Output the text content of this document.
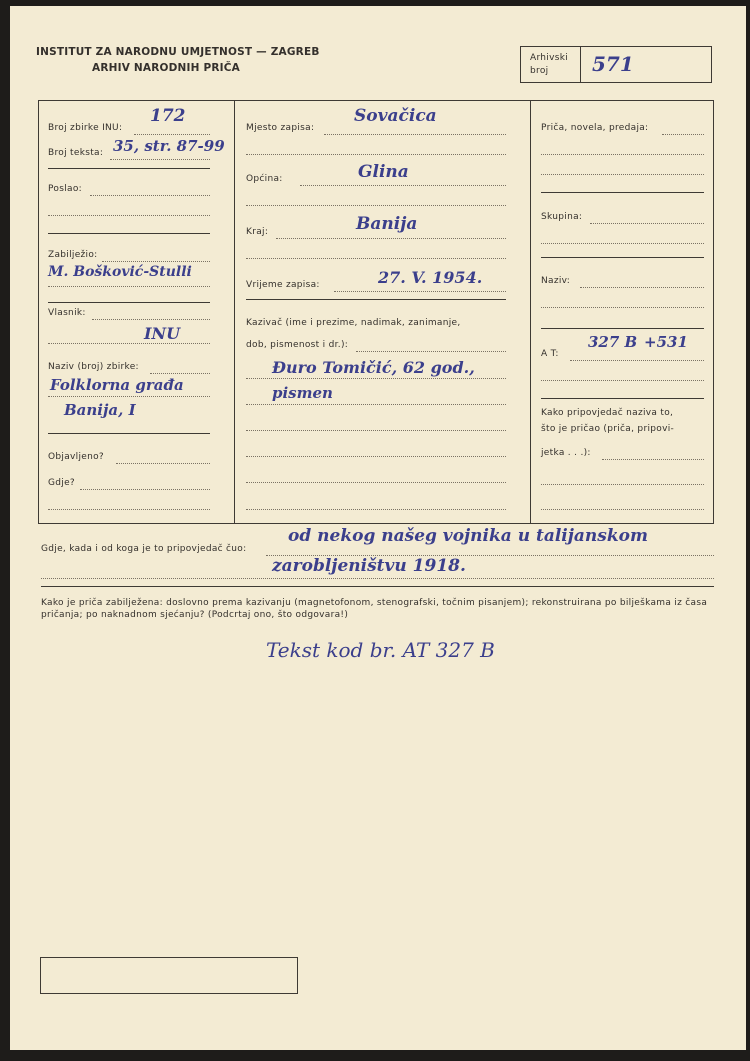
INSTITUT ZA NARODNU UMJETNOST — ZAGREB
ARHIV NARODNIH PRIČA
Arhivski
broj 571
Broj zbirke INU:
172
Broj teksta: 35, str. 87-99
Poslao:
Zabilježio:
M. Bošković-Stulli
Vlasnik:
INU
Naziv (broj) zbirke:
Folklorna građa
Banija, I
Objavljeno?
Gdje?
Mjesto zapisa:
Sovačica
Općina:	Glina
Kraj:	Banija
Vrijeme zapisa:	27. V. 1954.
Kazivač (ime i prezime, nadimak, zanimanje,
dob, pismenost i dr.):
Đuro Tomičić, 62 god.,
pismen
Priča, novela, predaja:
Skupina:
Naziv:
A T:
327 B +531
Kako pripovjedač naziva to,
što je pričao (priča, pripovi-
jetka . . .):
Gdje, kada i od koga je to pripovjedač čuo:
od nekog našeg vojnika u talijanskom
zarobljeništvu 1918.
Kako je priča zabilježena: doslovno prema kazivanju (magnetofonom, stenografski, točnim pisanjem); rekonstruirana po bilješkama iz časa pričanja; po naknadnom sjećanju? (Podcrtaj ono, što odgovara!)
Tekst kod br. AT 327 B
